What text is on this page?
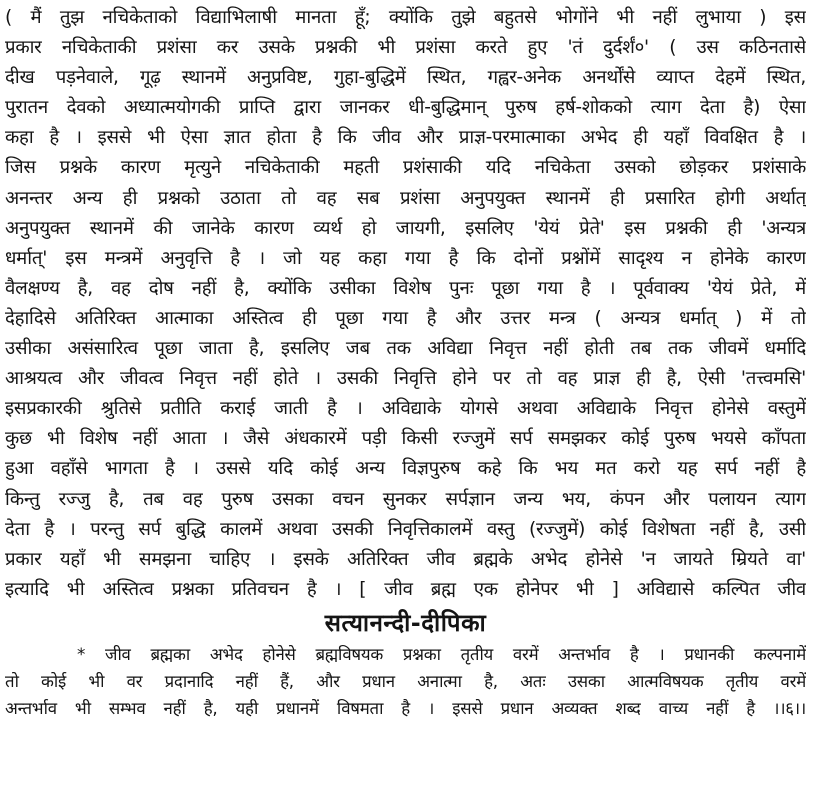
( मैं तुझ नचिकेताको विद्याभिलाषी मानता हूँ; क्योंकि तुझे बहुतसे भोगोंने भी नहीं लुभाया ) इस
प्रकार नचिकेताकी प्रशंसा कर उसके प्रश्नकी भी प्रशंसा करते हुए 'तं दुर्दर्शं०' ( उस कठिनतासे
दीख पड़नेवाले, गूढ़ स्थानमें अनुप्रविष्ट, गुहा-बुद्धिमें स्थित, गह्वर-अनेक अनर्थोंसे व्याप्त देहमें स्थित,
पुरातन देवको अध्यात्मयोगकी प्राप्ति द्वारा जानकर धी-बुद्धिमान् पुरुष हर्ष-शोकको त्याग देता है) ऐसा
कहा है । इससे भी ऐसा ज्ञात होता है कि जीव और प्राज्ञ-परमात्माका अभेद ही यहाँ विवक्षित है ।
जिस प्रश्नके कारण मृत्युने नचिकेताकी महती प्रशंसाकी यदि नचिकेता उसको छोड़कर प्रशंसाके
अनन्तर अन्य ही प्रश्नको उठाता तो वह सब प्रशंसा अनुपयुक्त स्थानमें ही प्रसारित होगी अर्थात्
अनुपयुक्त स्थानमें की जानेके कारण व्यर्थ हो जायगी, इसलिए 'येयं प्रेते' इस प्रश्नकी ही 'अन्यत्र
धर्मात्' इस मन्त्रमें अनुवृत्ति है । जो यह कहा गया है कि दोनों प्रश्नोंमें सादृश्य न होनेके कारण
वैलक्षण्य है, वह दोष नहीं है, क्योंकि उसीका विशेष पुनः पूछा गया है । पूर्ववाक्य 'येयं प्रेते, में
देहादिसे अतिरिक्त आत्माका अस्तित्व ही पूछा गया है और उत्तर मन्त्र ( अन्यत्र धर्मात् ) में तो
उसीका असंसारित्व पूछा जाता है, इसलिए जब तक अविद्या निवृत्त नहीं होती तब तक जीवमें धर्मादि
आश्रयत्व और जीवत्व निवृत्त नहीं होते । उसकी निवृत्ति होने पर तो वह प्राज्ञ ही है, ऐसी 'तत्त्वमसि'
इसप्रकारकी श्रुतिसे प्रतीति कराई जाती है । अविद्याके योगसे अथवा अविद्याके निवृत्त होनेसे वस्तुमें
कुछ भी विशेष नहीं आता । जैसे अंधकारमें पड़ी किसी रज्जुमें सर्प समझकर कोई पुरुष भयसे काँपता
हुआ वहाँसे भागता है । उससे यदि कोई अन्य विज्ञपुरुष कहे कि भय मत करो यह सर्प नहीं है
किन्तु रज्जु है, तब वह पुरुष उसका वचन सुनकर सर्पज्ञान जन्य भय, कंपन और पलायन त्याग
देता है । परन्तु सर्प बुद्धि कालमें अथवा उसकी निवृत्तिकालमें वस्तु (रज्जुमें) कोई विशेषता नहीं है, उसी
प्रकार यहाँ भी समझना चाहिए । इसके अतिरिक्त जीव ब्रह्मके अभेद होनेसे 'न जायते म्रियते वा'
इत्यादि भी अस्तित्व प्रश्नका प्रतिवचन है । [ जीव ब्रह्म एक होनेपर भी ] अविद्यासे कल्पित जीव
सत्यानन्दी-दीपिका
* जीव ब्रह्मका अभेद होनेसे ब्रह्मविषयक प्रश्नका तृतीय वरमें अन्तर्भाव है । प्रधानकी कल्पनामें
तो कोई भी वर प्रदानादि नहीं हैं, और प्रधान अनात्मा है, अतः उसका आत्मविषयक तृतीय वरमें
अन्तर्भाव भी सम्भव नहीं है, यही प्रधानमें विषमता है । इससे प्रधान अव्यक्त शब्द वाच्य नहीं है ।।६।।
